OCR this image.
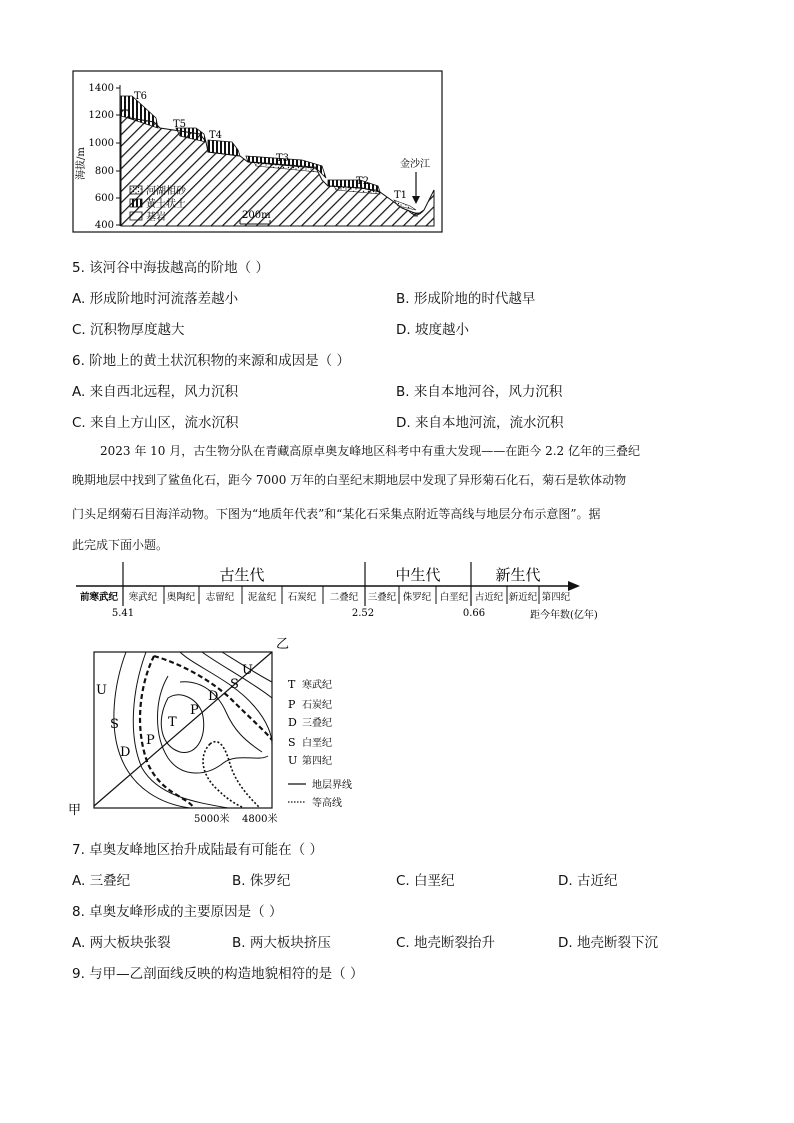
1400
1200
1000
800
600
400
海拔/m	金沙江
T6
T5
T4
T3
T2
T1
河湖相砂
黄土状土
基岩	200m
5. 该河谷中海拔越高的阶地（ ）
A. 形成阶地时河流落差越小	B. 形成阶地的时代越早
C. 沉积物厚度越大	D. 坡度越小
6. 阶地上的黄土状沉积物的来源和成因是（ ）
A. 来自西北远程，风力沉积	B. 来自本地河谷，风力沉积
C. 来自上方山区，流水沉积	D. 来自本地河流，流水沉积
2023 年 10 月，古生物分队在青藏高原卓奥友峰地区科考中有重大发现——在距今 2.2 亿年的三叠纪
晚期地层中找到了鲨鱼化石，距今 7000 万年的白垩纪末期地层中发现了异形菊石化石，菊石是软体动物
门头足纲菊石目海洋动物。下图为“地质年代表”和“某化石采集点附近等高线与地层分布示意图”。据
此完成下面小题。
古生代	中生代	新生代
前寒武纪 寒武纪 奥陶纪 志留纪 泥盆纪 石炭纪 二叠纪 三叠纪 侏罗纪 白垩纪 古近纪 新近纪 第四纪
5.41	2.52	0.66	距今年数(亿年)
乙
甲
U
S
D
U
S
D
P
T
P
5000米 4800米
T 寒武纪
P 石炭纪
D 三叠纪
S 白垩纪
U 第四纪
地层界线
等高线
7. 卓奥友峰地区抬升成陆最有可能在（ ）
A. 三叠纪	B. 侏罗纪	C. 白垩纪	D. 古近纪
8. 卓奥友峰形成的主要原因是（ ）
A. 两大板块张裂	B. 两大板块挤压	C. 地壳断裂抬升	D. 地壳断裂下沉
9. 与甲—乙剖面线反映的构造地貌相符的是（ ）
